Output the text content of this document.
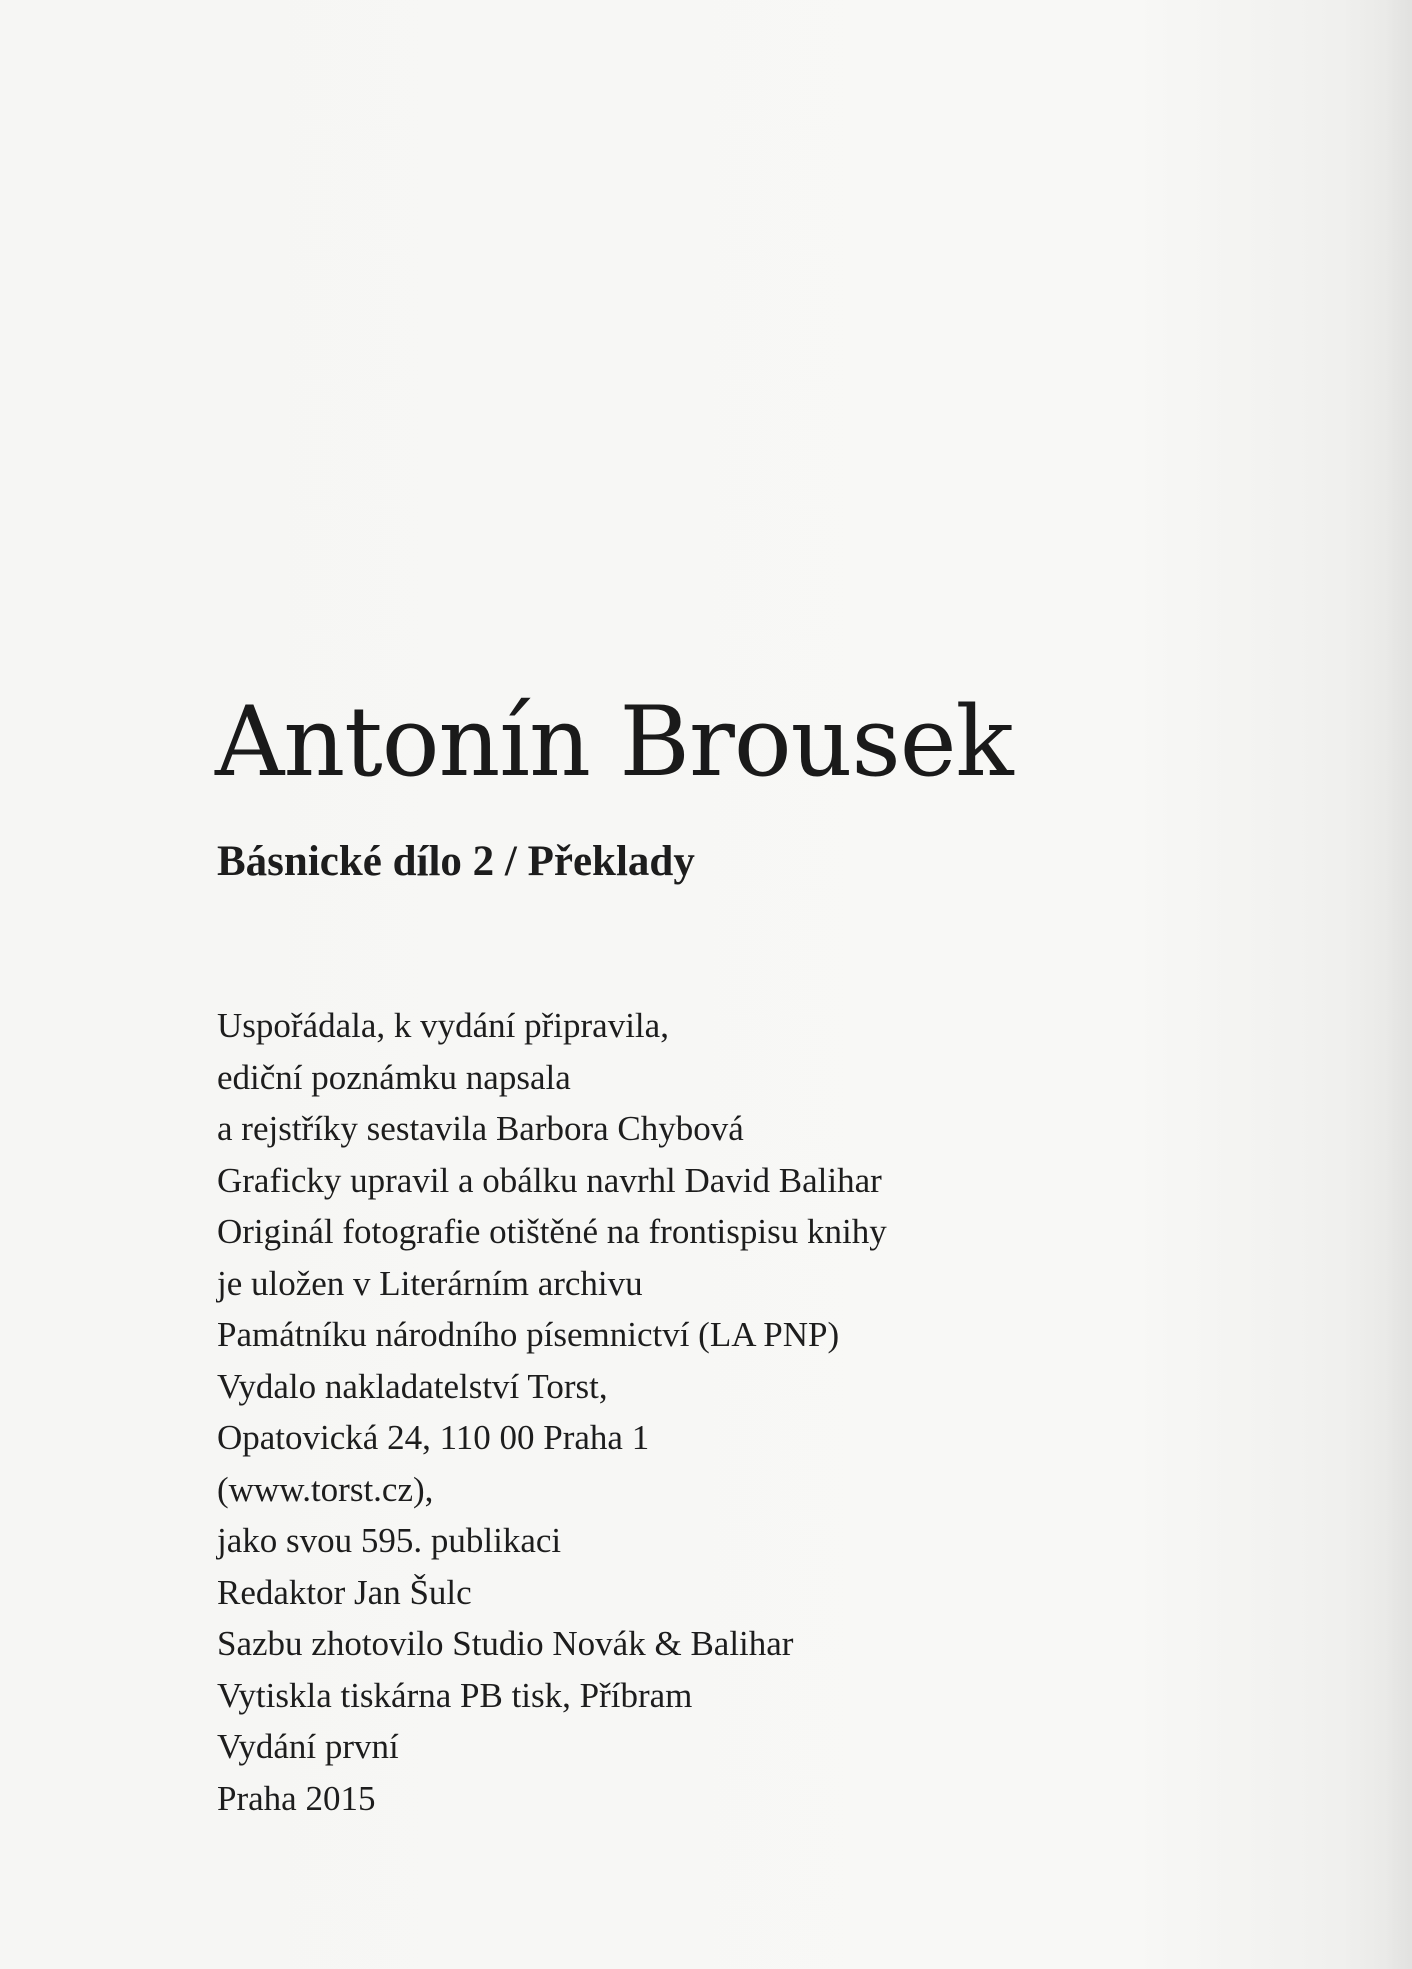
Antonín Brousek
Básnické dílo 2 / Překlady
Uspořádala, k vydání připravila,
ediční poznámku napsala
a rejstříky sestavila Barbora Chybová
Graficky upravil a obálku navrhl David Balihar
Originál fotografie otištěné na frontispisu knihy
je uložen v Literárním archivu
Památníku národního písemnictví (LA PNP)
Vydalo nakladatelství Torst,
Opatovická 24, 110 00 Praha 1
(www.torst.cz),
jako svou 595. publikaci
Redaktor Jan Šulc
Sazbu zhotovilo Studio Novák & Balihar
Vytiskla tiskárna PB tisk, Příbram
Vydání první
Praha 2015
